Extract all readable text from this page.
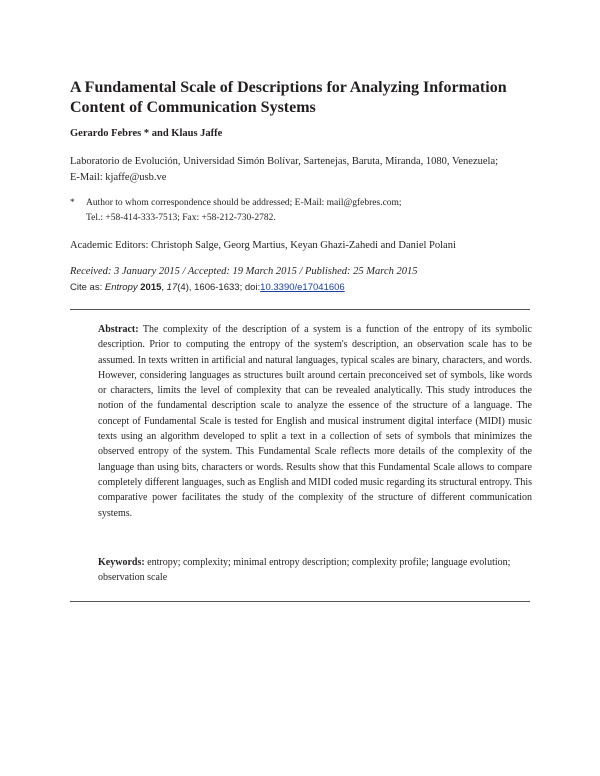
A Fundamental Scale of Descriptions for Analyzing Information Content of Communication Systems
Gerardo Febres * and Klaus Jaffe
Laboratorio de Evolución, Universidad Simón Bolívar, Sartenejas, Baruta, Miranda, 1080, Venezuela;
E-Mail: kjaffe@usb.ve
* Author to whom correspondence should be addressed; E-Mail: mail@gfebres.com;
Tel.: +58-414-333-7513; Fax: +58-212-730-2782.
Academic Editors: Christoph Salge, Georg Martius, Keyan Ghazi-Zahedi and Daniel Polani
Received: 3 January 2015 / Accepted: 19 March 2015 / Published: 25 March 2015
Cite as: Entropy 2015, 17(4), 1606-1633; doi:10.3390/e17041606

Abstract: The complexity of the description of a system is a function of the entropy of its symbolic description. Prior to computing the entropy of the system's description, an observation scale has to be assumed. In texts written in artificial and natural languages, typical scales are binary, characters, and words. However, considering languages as structures built around certain preconceived set of symbols, like words or characters, limits the level of complexity that can be revealed analytically. This study introduces the notion of the fundamental description scale to analyze the essence of the structure of a language. The concept of Fundamental Scale is tested for English and musical instrument digital interface (MIDI) music texts using an algorithm developed to split a text in a collection of sets of symbols that minimizes the observed entropy of the system. This Fundamental Scale reflects more details of the complexity of the language than using bits, characters or words. Results show that this Fundamental Scale allows to compare completely different languages, such as English and MIDI coded music regarding its structural entropy. This comparative power facilitates the study of the complexity of the structure of different communication systems.

Keywords: entropy; complexity; minimal entropy description; complexity profile; language evolution; observation scale
